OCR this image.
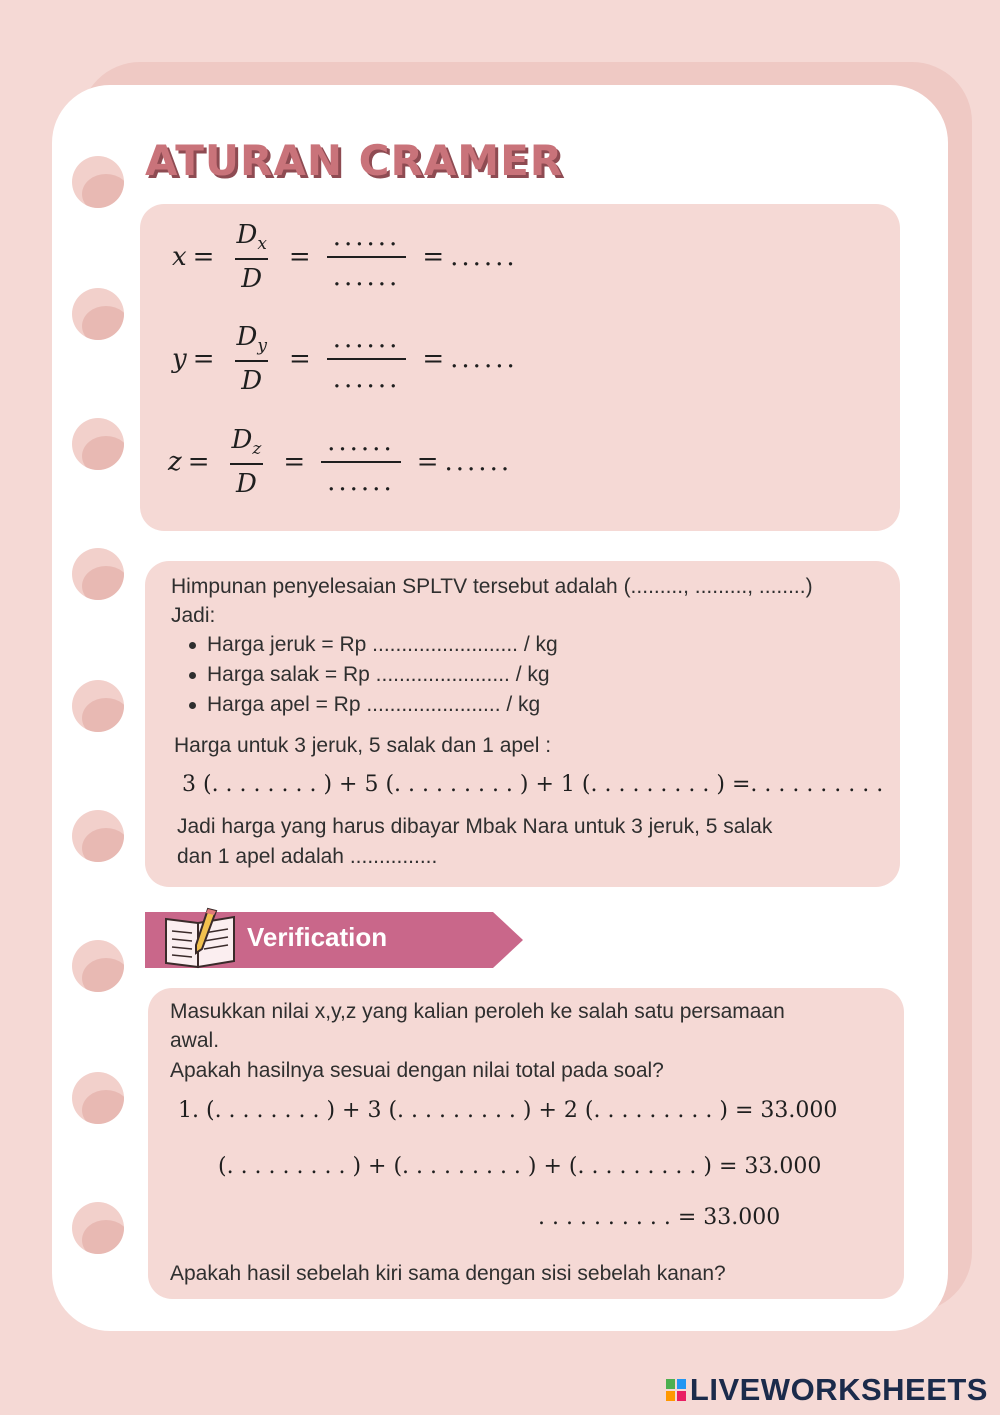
ATURAN CRAMER
$x = \frac{D_x}{D} = \frac{......}{......}$ = ......
$y = \frac{D_y}{D} = \frac{......}{......}$ = ......
$z = \frac{D_z}{D} = \frac{......}{......}$ = ......
Himpunan penyelesaian SPLTV tersebut adalah (........., ........., ........)
Jadi:
Harga jeruk = Rp ......................... / kg
Harga salak = Rp ....................... / kg
Harga apel = Rp ....................... / kg
Harga untuk 3 jeruk, 5 salak dan 1 apel :
3 (. . . . . . . . ) + 5 (. . . . . . . . . ) + 1 (. . . . . . . . . ) =. . . . . . . . . .
Jadi harga yang harus dibayar Mbak Nara untuk 3 jeruk, 5 salak
dan 1 apel adalah ...............
Verification
Masukkan nilai x,y,z yang kalian peroleh ke salah satu persamaan
awal.
Apakah hasilnya sesuai dengan nilai total pada soal?
1. (. . . . . . . . ) + 3 (. . . . . . . . . ) + 2 (. . . . . . . . . ) = 33.000
(. . . . . . . . . ) + (. . . . . . . . . ) + (. . . . . . . . . ) = 33.000
. . . . . . . . . . = 33.000
Apakah hasil sebelah kiri sama dengan sisi sebelah kanan?
LIVEWORKSHEETS
